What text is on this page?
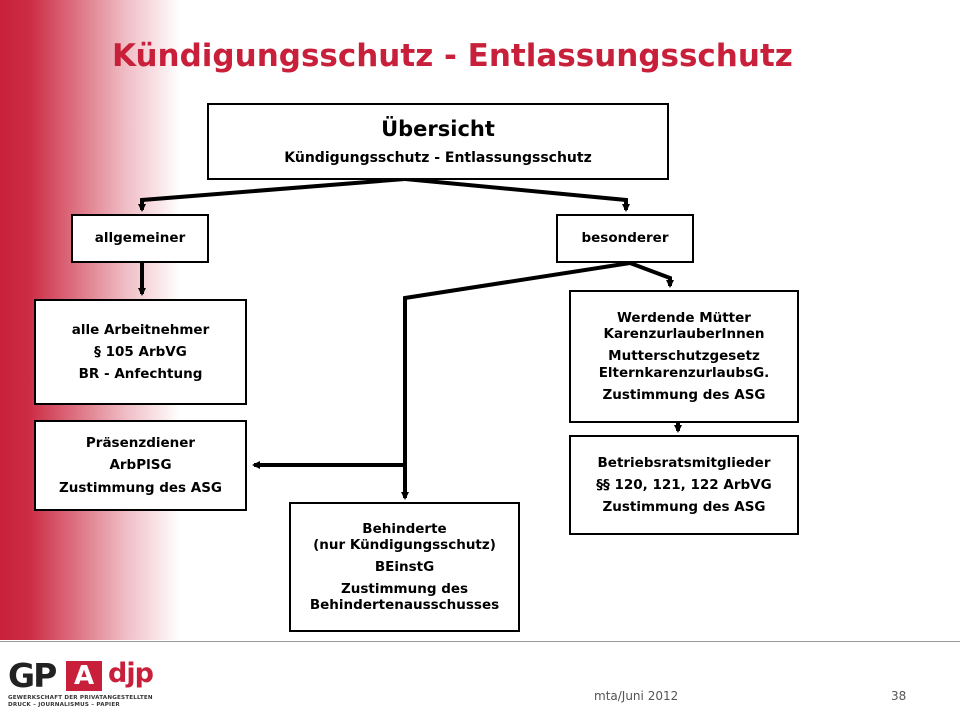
Kündigungsschutz - Entlassungsschutz
Übersicht
Kündigungsschutz - Entlassungsschutz
allgemeiner	besonderer
alle Arbeitnehmer
§ 105 ArbVG
BR - Anfechtung
Präsenzdiener
ArbPlSG
Zustimmung des ASG
Werdende Mütter
KarenzurlauberInnen
Mutterschutzgesetz
ElternkarenzurlaubsG.
Zustimmung des ASG
Betriebsratsmitglieder
§§ 120, 121, 122 ArbVG
Zustimmung des ASG
Behinderte
(nur Kündigungsschutz)
BEinstG
Zustimmung des
Behindertenausschusses
GP A djp
GEWERKSCHAFT DER PRIVATANGESTELLTEN
DRUCK – JOURNALISMUS – PAPIER
mta/Juni 2012	38
